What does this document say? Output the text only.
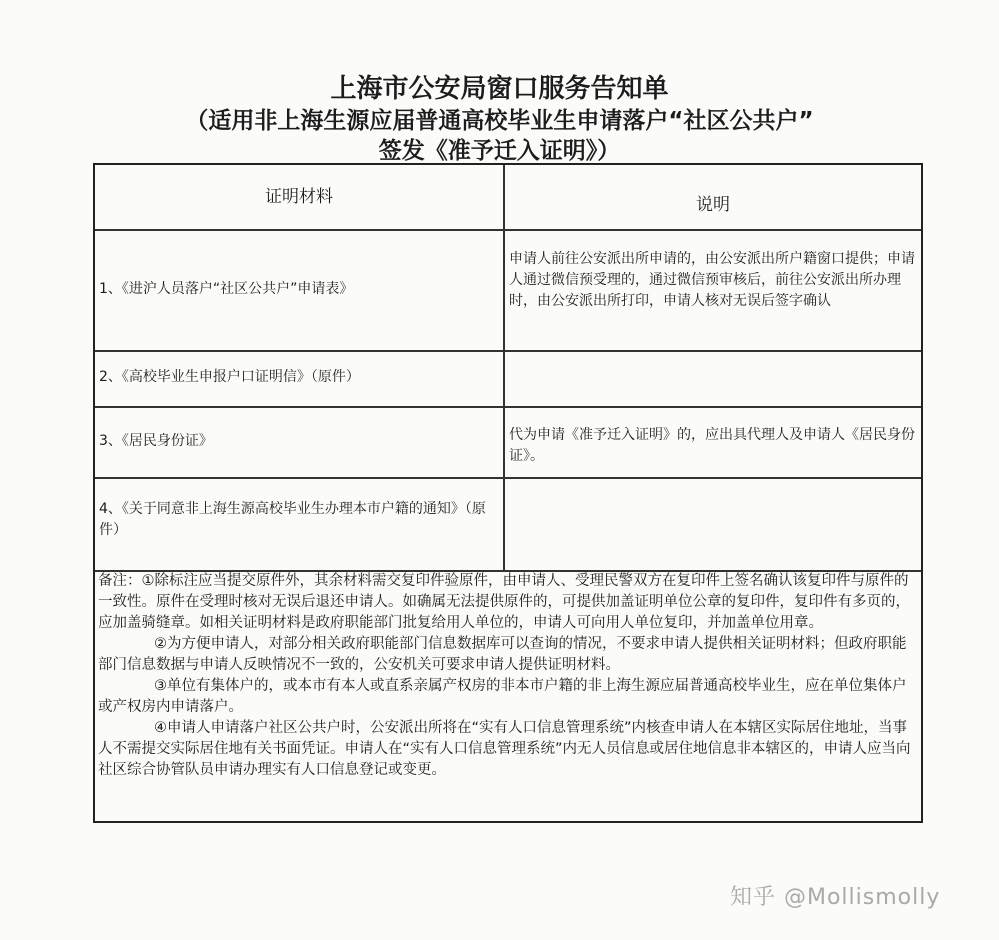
上海市公安局窗口服务告知单
（适用非上海生源应届普通高校毕业生申请落户“社区公共户”
签发《准予迁入证明》）
证明材料	说明
1、《进沪人员落户“社区公共户”申请表》
申请人前往公安派出所申请的，由公安派出所户籍窗口提供；申请人通过微信预受理的，通过微信预审核后，前往公安派出所办理时，由公安派出所打印，申请人核对无误后签字确认
2、《高校毕业生申报户口证明信》（原件）
3、《居民身份证》	代为申请《准予迁入证明》的，应出具代理人及申请人《居民身份证》。
4、《关于同意非上海生源高校毕业生办理本市户籍的通知》（原件）

备注：①除标注应当提交原件外，其余材料需交复印件验原件，由申请人、受理民警双方在复印件上签名确认该复印件与原件的一致性。原件在受理时核对无误后退还申请人。如确属无法提供原件的，可提供加盖证明单位公章的复印件，复印件有多页的，应加盖骑缝章。如相关证明材料是政府职能部门批复给用人单位的，申请人可向用人单位复印，并加盖单位用章。

②为方便申请人，对部分相关政府职能部门信息数据库可以查询的情况，不要求申请人提供相关证明材料；但政府职能部门信息数据与申请人反映情况不一致的，公安机关可要求申请人提供证明材料。

③单位有集体户的，或本市有本人或直系亲属产权房的非本市户籍的非上海生源应届普通高校毕业生，应在单位集体户或产权房内申请落户。

④申请人申请落户社区公共户时，公安派出所将在“实有人口信息管理系统”内核查申请人在本辖区实际居住地址，当事人不需提交实际居住地有关书面凭证。申请人在“实有人口信息管理系统”内无人员信息或居住地信息非本辖区的，申请人应当向社区综合协管队员申请办理实有人口信息登记或变更。

知乎 @Mollismolly
